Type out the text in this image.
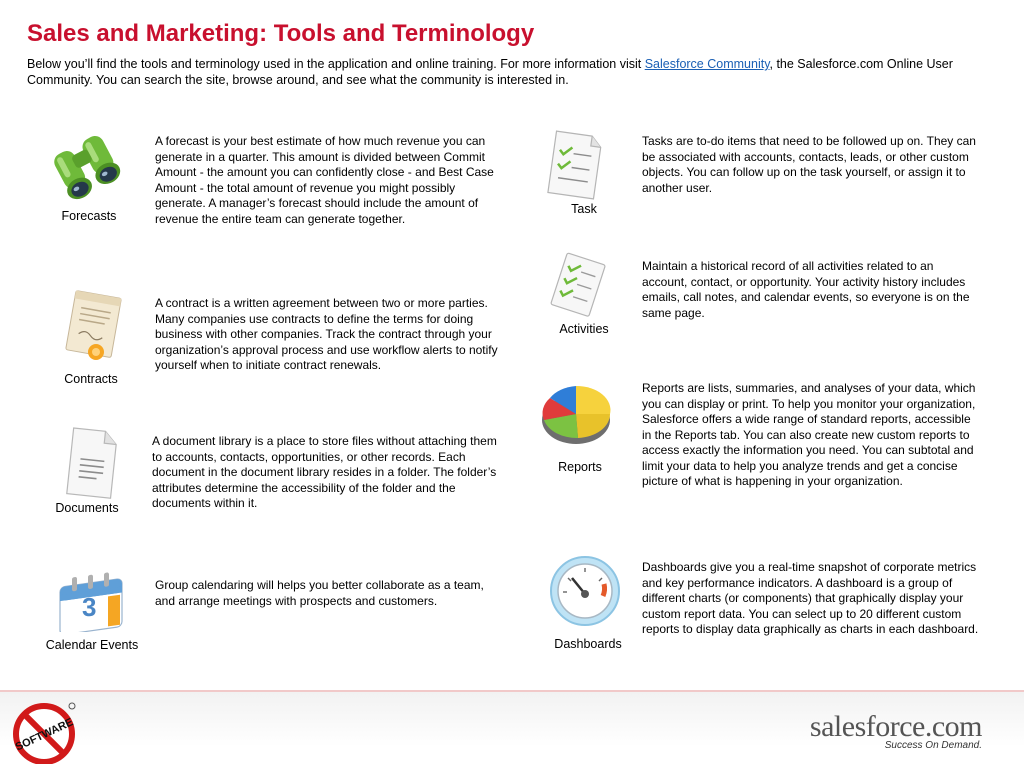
Sales and Marketing: Tools and Terminology
Below you’ll find the tools and terminology used in the application and online training. For more information visit Salesforce Community, the Salesforce.com Online User Community. You can search the site, browse around, and see what the community is interested in.
Forecasts

A forecast is your best estimate of how much revenue you can generate in a quarter. This amount is divided between Commit Amount - the amount you can confidently close - and Best Case Amount - the total amount of revenue you might possibly generate. A manager’s forecast should include the amount of revenue the entire team can generate together.

Contracts

A contract is a written agreement between two or more parties. Many companies use contracts to define the terms for doing business with other companies. Track the contract through your organization’s approval process and use workflow alerts to notify yourself when to initiate contract renewals.

Documents

A document library is a place to store files without attaching them to accounts, contacts, opportunities, or other records. Each document in the document library resides in a folder. The folder’s attributes determine the accessibility of the folder and the documents within it.

3
Calendar Events

Group calendaring will helps you better collaborate as a team, and arrange meetings with prospects and customers.

Task

Tasks are to-do items that need to be followed up on. They can be associated with accounts, contacts, leads, or other custom objects. You can follow up on the task yourself, or assign it to another user.

Activities

Maintain a historical record of all activities related to an account, contact, or opportunity. Your activity history includes emails, call notes, and calendar events, so everyone is on the same page.

Reports

Reports are lists, summaries, and analyses of your data, which you can display or print. To help you monitor your organization, Salesforce offers a wide range of standard reports, accessible in the Reports tab. You can also create new custom reports to access exactly the information you need. You can subtotal and limit your data to help you analyze trends and get a concise picture of what is happening in your organization.

Dashboards

Dashboards give you a real-time snapshot of corporate metrics and key performance indicators. A dashboard is a group of different charts (or components) that graphically display your custom report data. You can select up to 20 different custom reports to display data graphically as charts in each dashboard.

SOFTWARE	salesforce.com
Success On Demand.
